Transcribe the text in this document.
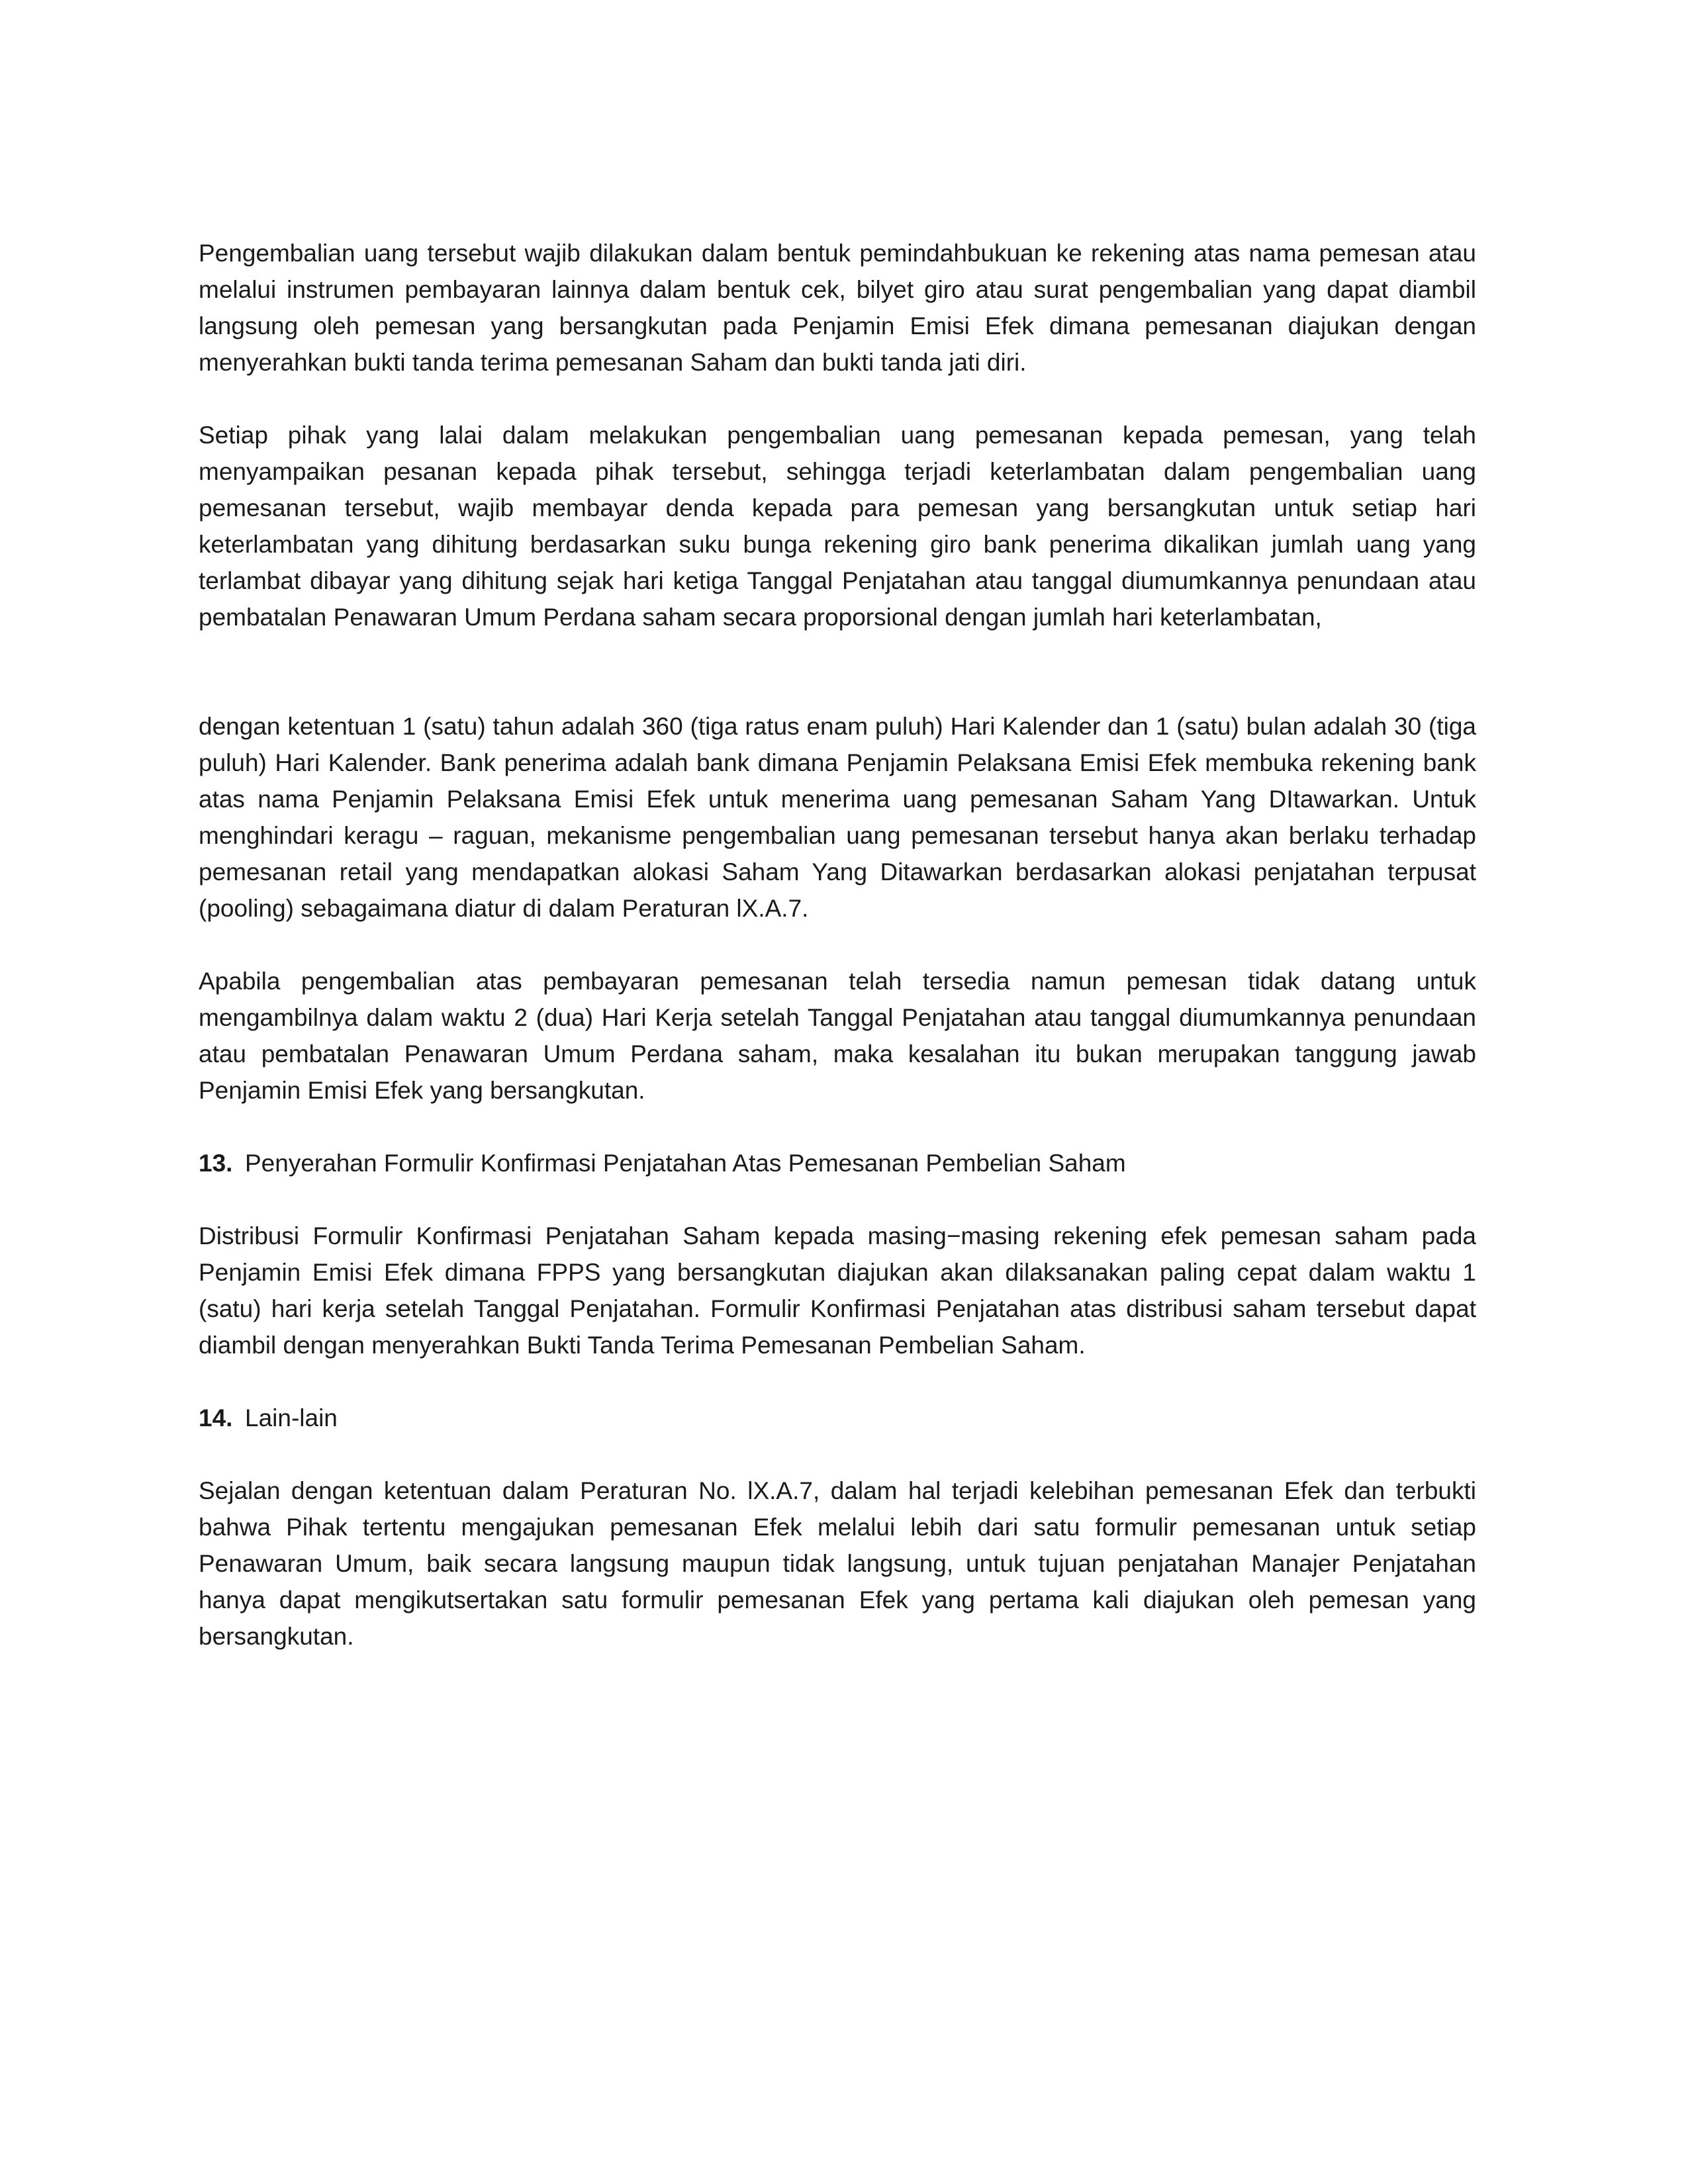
Pengembalian uang tersebut wajib dilakukan dalam bentuk pemindahbukuan ke rekening atas nama pemesan atau melalui instrumen pembayaran lainnya dalam bentuk cek, bilyet giro atau surat pengembalian yang dapat diambil langsung oleh pemesan yang bersangkutan pada Penjamin Emisi Efek dimana pemesanan diajukan dengan menyerahkan bukti tanda terima pemesanan Saham dan bukti tanda jati diri.

Setiap pihak yang lalai dalam melakukan pengembalian uang pemesanan kepada pemesan, yang telah menyampaikan pesanan kepada pihak tersebut, sehingga terjadi keterlambatan dalam pengembalian uang pemesanan tersebut, wajib membayar denda kepada para pemesan yang bersangkutan untuk setiap hari keterlambatan yang dihitung berdasarkan suku bunga rekening giro bank penerima dikalikan jumlah uang yang terlambat dibayar yang dihitung sejak hari ketiga Tanggal Penjatahan atau tanggal diumumkannya penundaan atau pembatalan Penawaran Umum Perdana saham secara proporsional dengan jumlah hari keterlambatan,

dengan ketentuan 1 (satu) tahun adalah 360 (tiga ratus enam puluh) Hari Kalender dan 1 (satu) bulan adalah 30 (tiga puluh) Hari Kalender. Bank penerima adalah bank dimana Penjamin Pelaksana Emisi Efek membuka rekening bank atas nama Penjamin Pelaksana Emisi Efek untuk menerima uang pemesanan Saham Yang DItawarkan. Untuk menghindari keragu – raguan, mekanisme pengembalian uang pemesanan tersebut hanya akan berlaku terhadap pemesanan retail yang mendapatkan alokasi Saham Yang Ditawarkan berdasarkan alokasi penjatahan terpusat (pooling) sebagaimana diatur di dalam Peraturan lX.A.7.

Apabila pengembalian atas pembayaran pemesanan telah tersedia namun pemesan tidak datang untuk mengambilnya dalam waktu 2 (dua) Hari Kerja setelah Tanggal Penjatahan atau tanggal diumumkannya penundaan atau pembatalan Penawaran Umum Perdana saham, maka kesalahan itu bukan merupakan tanggung jawab Penjamin Emisi Efek yang bersangkutan.

13. Penyerahan Formulir Konfirmasi Penjatahan Atas Pemesanan Pembelian Saham

Distribusi Formulir Konfirmasi Penjatahan Saham kepada masing−masing rekening efek pemesan saham pada Penjamin Emisi Efek dimana FPPS yang bersangkutan diajukan akan dilaksanakan paling cepat dalam waktu 1 (satu) hari kerja setelah Tanggal Penjatahan. Formulir Konfirmasi Penjatahan atas distribusi saham tersebut dapat diambil dengan menyerahkan Bukti Tanda Terima Pemesanan Pembelian Saham.

14. Lain-lain

Sejalan dengan ketentuan dalam Peraturan No. lX.A.7, dalam hal terjadi kelebihan pemesanan Efek dan terbukti bahwa Pihak tertentu mengajukan pemesanan Efek melalui lebih dari satu formulir pemesanan untuk setiap Penawaran Umum, baik secara langsung maupun tidak langsung, untuk tujuan penjatahan Manajer Penjatahan hanya dapat mengikutsertakan satu formulir pemesanan Efek yang pertama kali diajukan oleh pemesan yang bersangkutan.
